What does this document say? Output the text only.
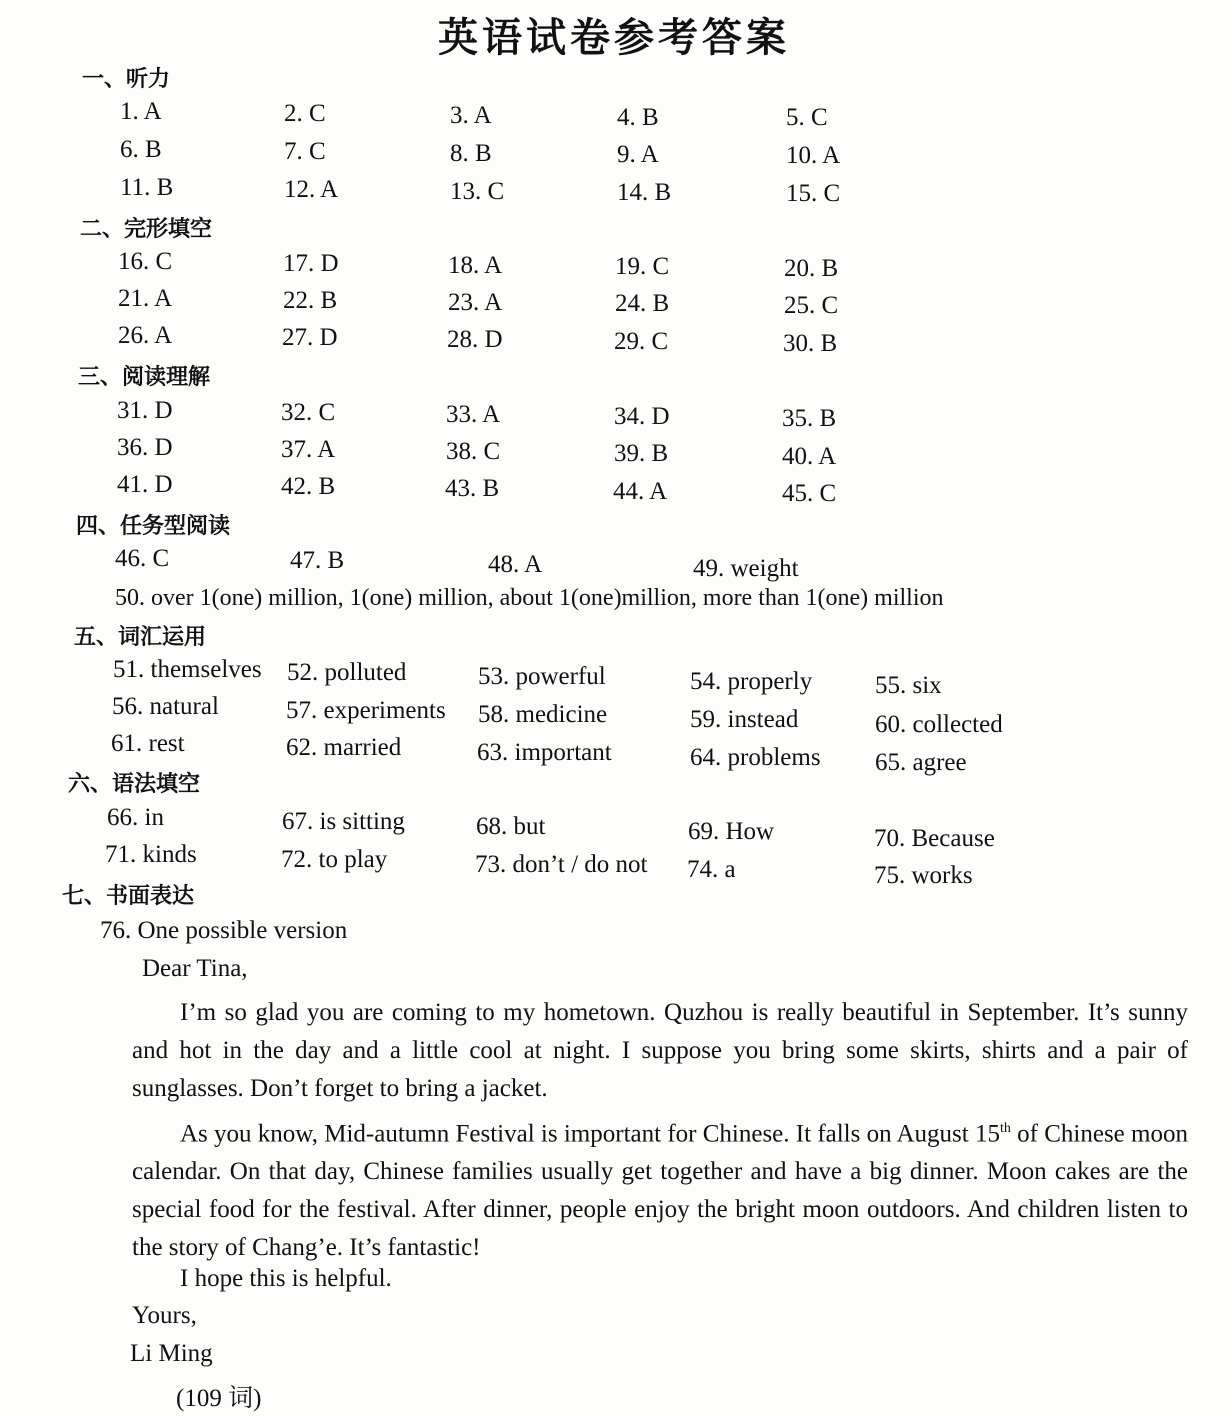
英语试卷参考答案
一、听力
1. A	2. C	3. A	4. B	5. C
6. B	7. C	8. B	9. A	10. A
11. B	12. A	13. C	14. B	15. C
二、完形填空
16. C	17. D	18. A	19. C	20. B
21. A	22. B	23. A	24. B	25. C
26. A	27. D	28. D	29. C	30. B
三、阅读理解
31. D	32. C	33. A	34. D	35. B
36. D	37. A	38. C	39. B	40. A
41. D	42. B	43. B	44. A	45. C
四、任务型阅读
46. C	47. B	48. A	49. weight
50. over 1(one) million, 1(one) million, about 1(one)million, more than 1(one) million
五、词汇运用
51. themselves 52. polluted	53. powerful	54. properly	55. six
56. natural	57. experiments 58. medicine	59. instead	60. collected
61. rest	62. married	63. important	64. problems 65. agree
六、语法填空
66. in	67. is sitting	68. but	69. How	70. Because
71. kinds	72. to play	73. don’t / do not 74. a	75. works
七、书面表达
76. One possible version
Dear Tina,
I’m so glad you are coming to my hometown. Quzhou is really beautiful in September. It’s sunny and hot in the day and a little cool at night. I suppose you bring some skirts, shirts and a pair of sunglasses. Don’t forget to bring a jacket.
As you know, Mid-autumn Festival is important for Chinese. It falls on August 15th of Chinese moon calendar. On that day, Chinese families usually get together and have a big dinner. Moon cakes are the special food for the festival. After dinner, people enjoy the bright moon outdoors. And children listen to the story of Chang’e. It’s fantastic!
I hope this is helpful.
Yours,
Li Ming
(109 词)
